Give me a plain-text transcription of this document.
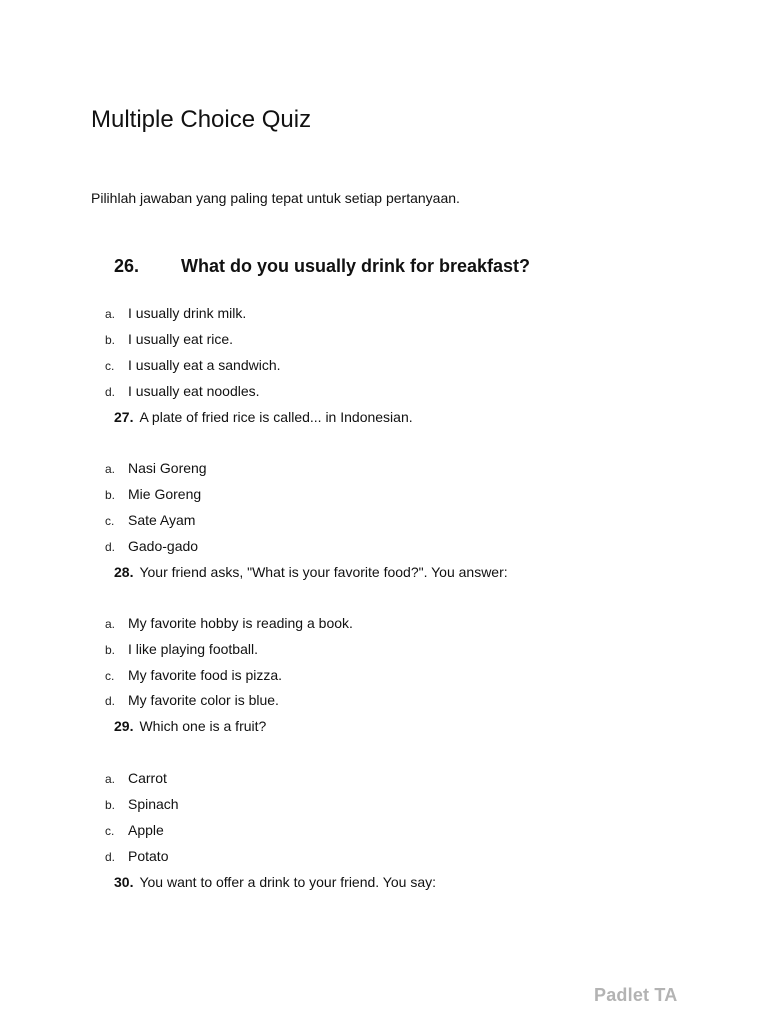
Multiple Choice Quiz
Pilihlah jawaban yang paling tepat untuk setiap pertanyaan.
26. What do you usually drink for breakfast?
a. I usually drink milk.
b. I usually eat rice.
c. I usually eat a sandwich.
d. I usually eat noodles.
27. A plate of fried rice is called... in Indonesian.
a. Nasi Goreng
b. Mie Goreng
c. Sate Ayam
d. Gado-gado
28. Your friend asks, "What is your favorite food?". You answer:
a. My favorite hobby is reading a book.
b. I like playing football.
c. My favorite food is pizza.
d. My favorite color is blue.
29. Which one is a fruit?
a. Carrot
b. Spinach
c. Apple
d. Potato
30. You want to offer a drink to your friend. You say:
Padlet TA
